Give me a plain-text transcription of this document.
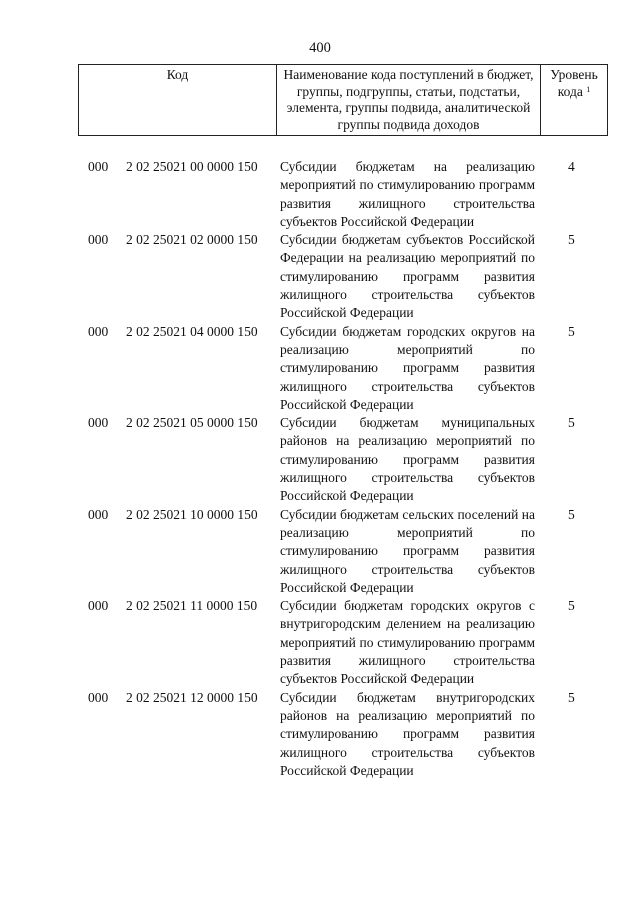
400
Код	Наименование кода поступлений в бюджет, группы, подгруппы, статьи, подстатьи, элемента, группы подвида, аналитической группы подвида доходов
Уровень кода $^1$
000 2 02 25021 00 0000 150 Субсидии бюджетам на реализацию мероприятий по стимулированию программ развития жилищного строительства субъектов Российской Федерации
4
000 2 02 25021 02 0000 150 Субсидии бюджетам субъектов Российской Федерации на реализацию мероприятий по стимулированию программ развития жилищного строительства субъектов Российской Федерации
5
000 2 02 25021 04 0000 150 Субсидии бюджетам городских округов на реализацию мероприятий по стимулированию программ развития жилищного строительства субъектов Российской Федерации
5
000 2 02 25021 05 0000 150 Субсидии бюджетам муниципальных районов на реализацию мероприятий по стимулированию программ развития жилищного строительства субъектов Российской Федерации
5
000 2 02 25021 10 0000 150 Субсидии бюджетам сельских поселений на реализацию мероприятий по стимулированию программ развития жилищного строительства субъектов Российской Федерации
5
000 2 02 25021 11 0000 150 Субсидии бюджетам городских округов с внутригородским делением на реализацию мероприятий по стимулированию программ развития жилищного строительства субъектов Российской Федерации
5
000 2 02 25021 12 0000 150 Субсидии бюджетам внутригородских районов на реализацию мероприятий по стимулированию программ развития жилищного строительства субъектов Российской Федерации
5
